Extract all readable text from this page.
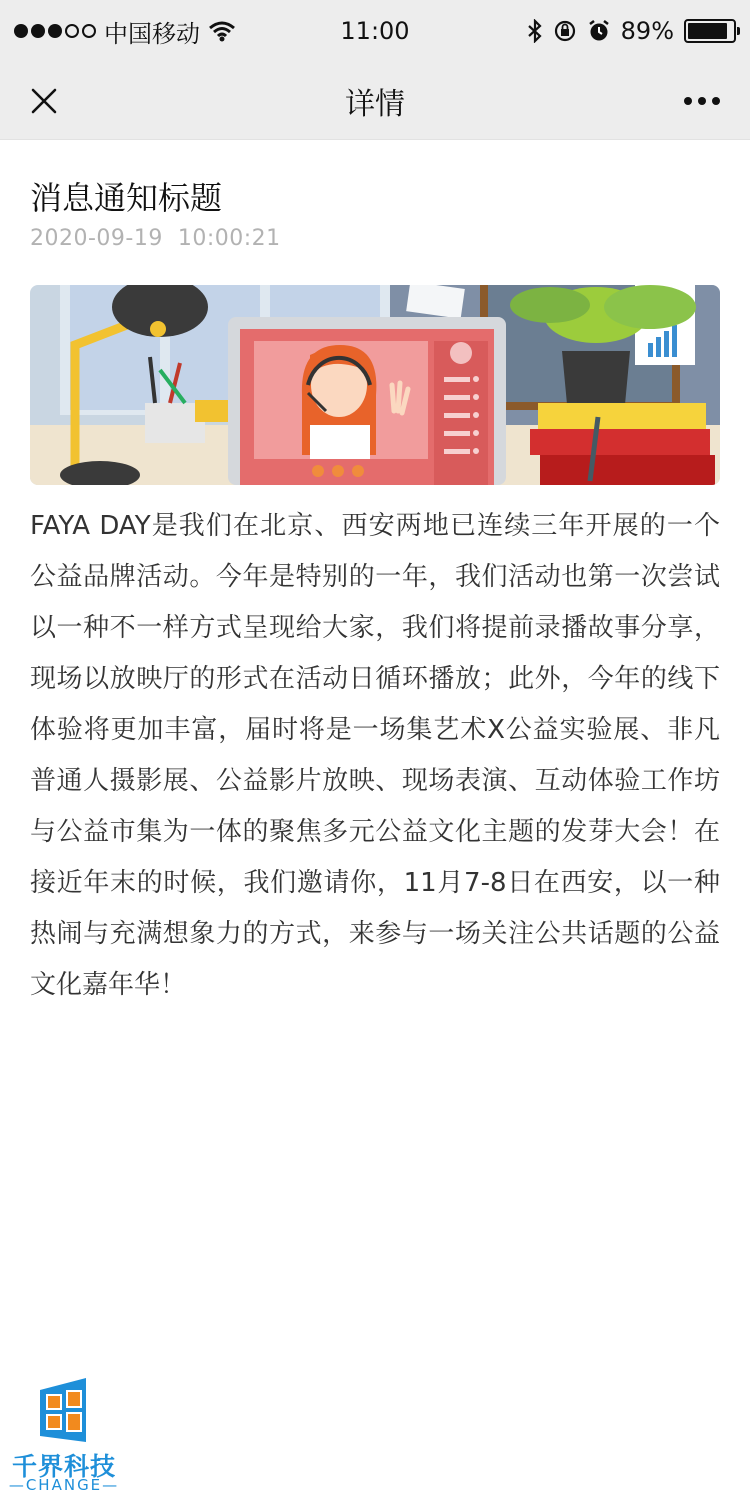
中国移动	11:00	89%
详情
消息通知标题
2020-09-19  10:00:21
FAYA DAY是我们在北京、西安两地已连续三年开展的一个公益品牌活动。今年是特别的一年，我们活动也第一次尝试以一种不一样方式呈现给大家，我们将提前录播故事分享，现场以放映厅的形式在活动日循环播放；此外，今年的线下体验将更加丰富，届时将是一场集艺术X公益实验展、非凡普通人摄影展、公益影片放映、现场表演、互动体验工作坊与公益市集为一体的聚焦多元公益文化主题的发芽大会！在接近年末的时候，我们邀请你，11月7-8日在西安，以一种热闹与充满想象力的方式，来参与一场关注公共话题的公益文化嘉年华！
千界科技
—CHANGE—
